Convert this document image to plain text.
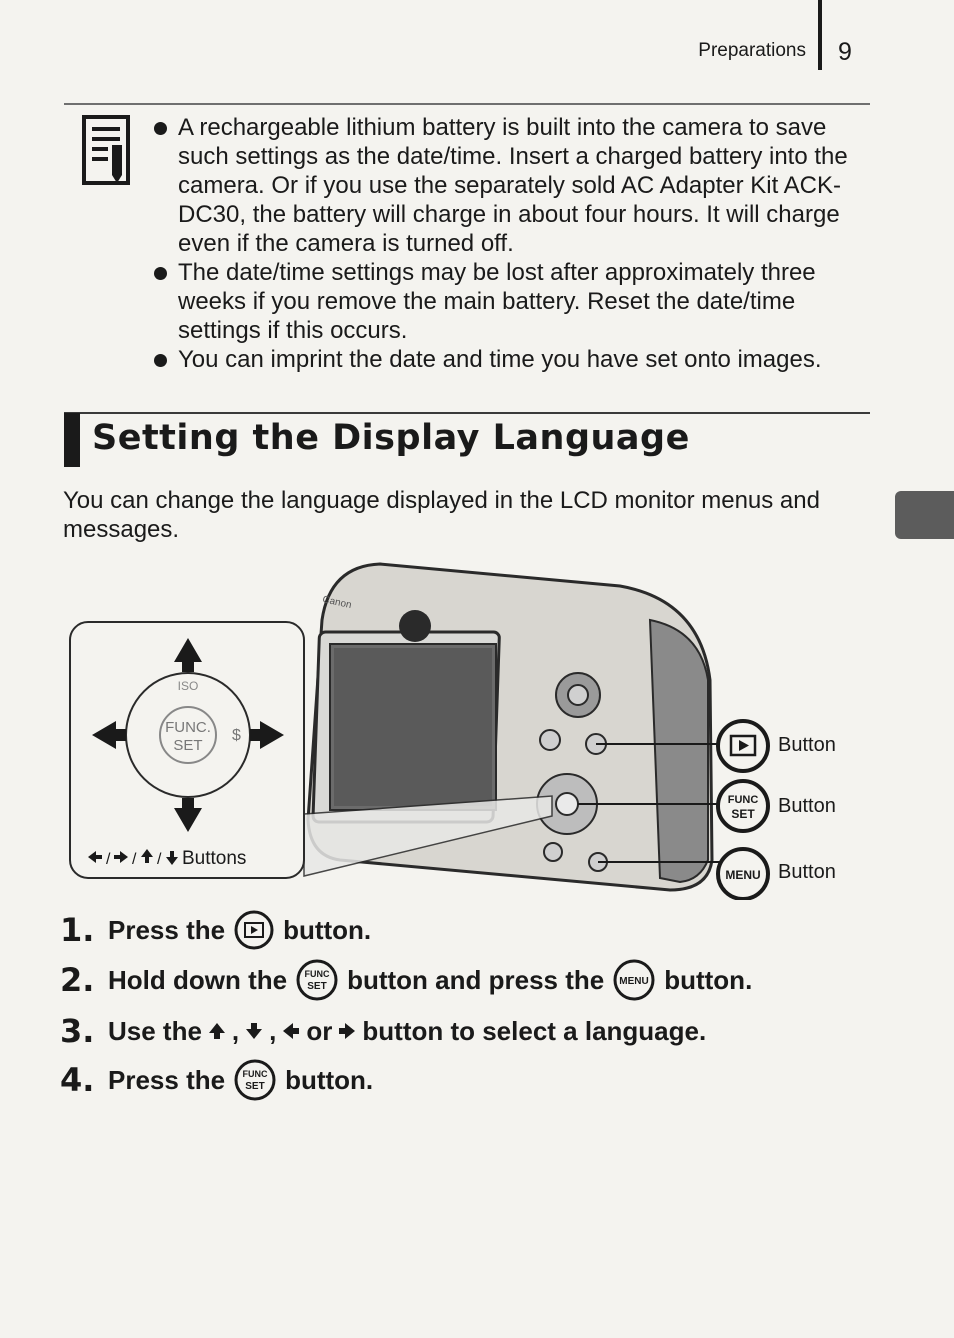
Preparations 9
A rechargeable lithium battery is built into the camera to save such settings as the date/time. Insert a charged battery into the camera. Or if you use the separately sold AC Adapter Kit ACK-DC30, the battery will charge in about four hours. It will charge even if the camera is turned off.
The date/time settings may be lost after approximately three weeks if you remove the main battery. Reset the date/time settings if this occurs.
You can imprint the date and time you have set onto images.
Setting the Display Language

You can change the language displayed in the LCD monitor menus and messages.

Canon
FUNC.
SET
ISO
$
/ / / Buttons
Button
FUNC
SET Button
MENU Button
1. Press the button.
2. Hold down the FUNC
SET button and press the MENU button.
3. Use the , , or button to select a language.
4. Press the FUNC
SET button.
